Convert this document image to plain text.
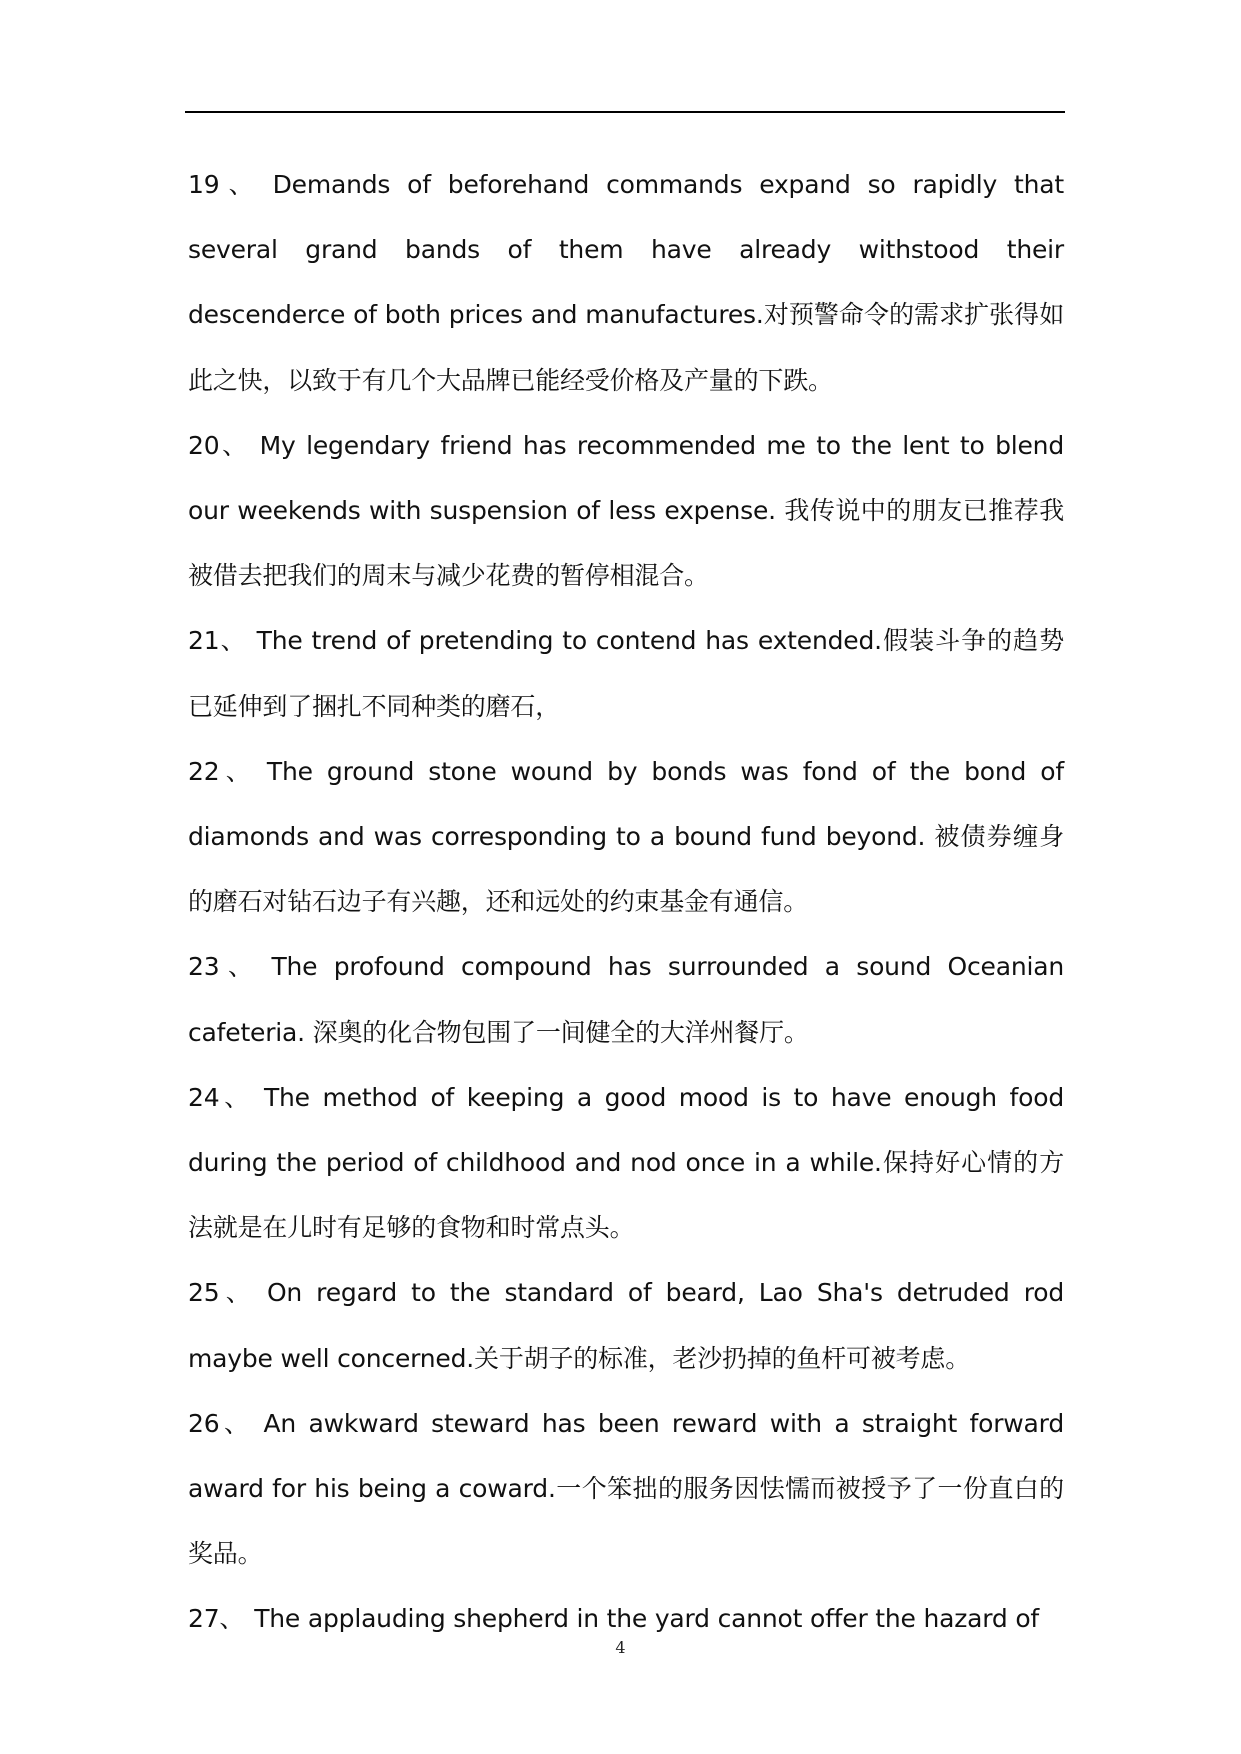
19、 Demands of beforehand commands expand so rapidly that several grand bands of them have already withstood their descenderce of both prices and manufactures.对预警命令的需求扩张得如此之快，以致于有几个大品牌已能经受价格及产量的下跌。

20、 My legendary friend has recommended me to the lent to blend our weekends with suspension of less expense. 我传说中的朋友已推荐我被借去把我们的周末与减少花费的暂停相混合。

21、 The trend of pretending to contend has extended.假装斗争的趋势已延伸到了捆扎不同种类的磨石，

22、 The ground stone wound by bonds was fond of the bond of diamonds and was corresponding to a bound fund beyond. 被债券缠身的磨石对钻石边子有兴趣，还和远处的约束基金有通信。

23、 The profound compound has surrounded a sound Oceanian cafeteria. 深奥的化合物包围了一间健全的大洋州餐厅。

24、 The method of keeping a good mood is to have enough food during the period of childhood and nod once in a while.保持好心情的方法就是在儿时有足够的食物和时常点头。

25、 On regard to the standard of beard, Lao Sha's detruded rod maybe well concerned.关于胡子的标准，老沙扔掉的鱼杆可被考虑。

26、 An awkward steward has been reward with a straight forward award for his being a coward.一个笨拙的服务因怯懦而被授予了一份直白的奖品。

27、 The applauding shepherd in the yard cannot offer the hazard of

4
